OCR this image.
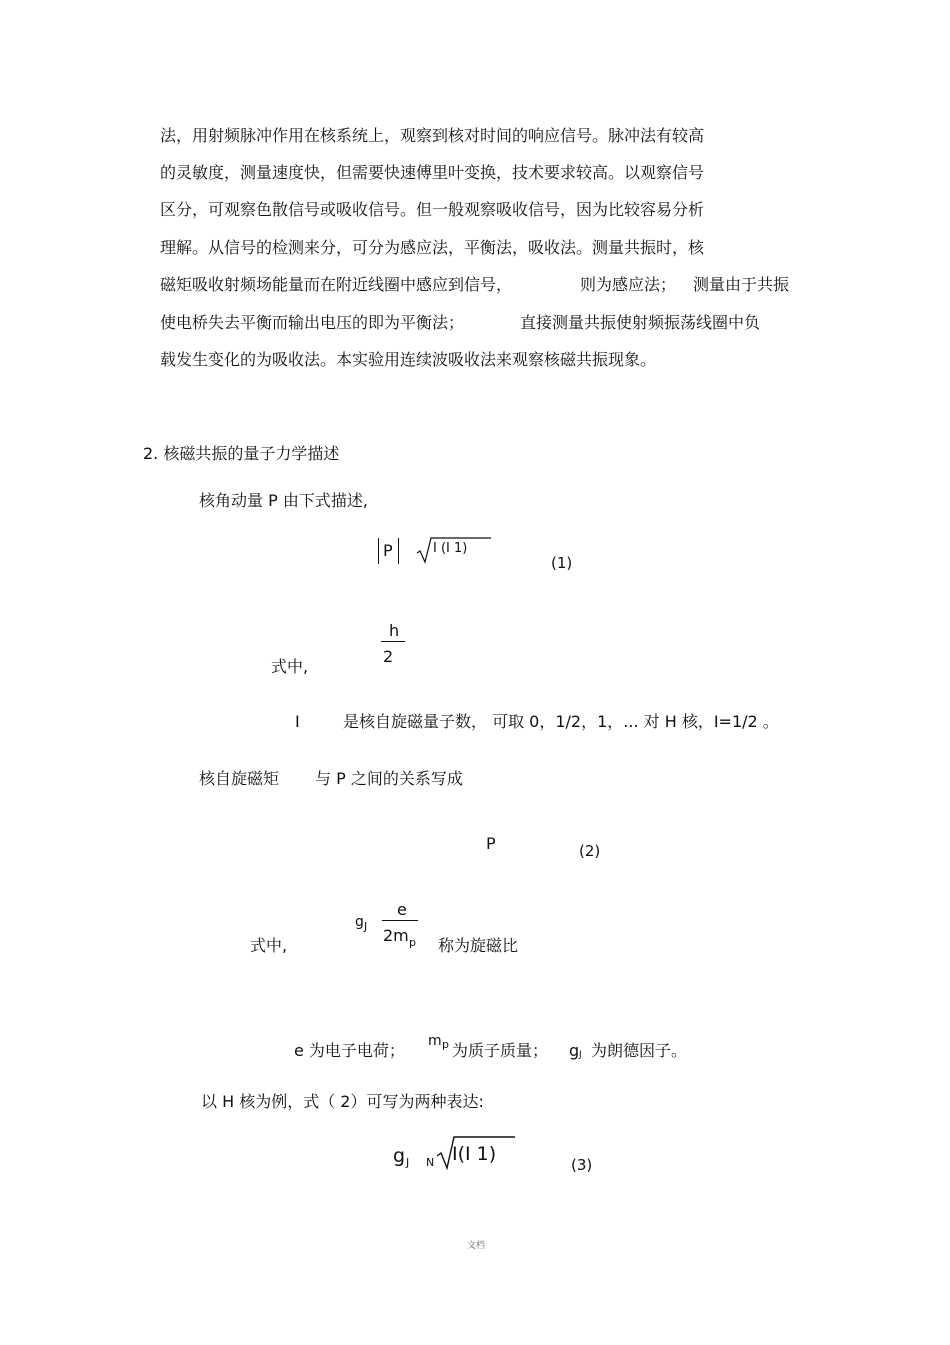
法，用射频脉冲作用在核系统上，观察到核对时间的响应信号。脉冲法有较高
的灵敏度，测量速度快，但需要快速傅里叶变换，技术要求较高。以观察信号
区分，可观察色散信号或吸收信号。但一般观察吸收信号，因为比较容易分析
理解。从信号的检测来分，可分为感应法，平衡法，吸收法。测量共振时，核
磁矩吸收射频场能量而在附近线圈中感应到信号，	则为感应法； 测量由于共振
使电桥失去平衡而输出电压的即为平衡法；	直接测量共振使射频振荡线圈中负
载发生变化的为吸收法。本实验用连续波吸收法来观察核磁共振现象。
2. 核磁共振的量子力学描述
核角动量 P 由下式描述,
P	I (I 1)
(1)
h
2
式中,
I	是核自旋磁量子数， 可取 0，1/2，1，... 对 H 核，I=1/2 。
核自旋磁矩 与 P 之间的关系写成
P	(2)
g J
e
2m p
式中,	称为旋磁比
e 为电子电荷； m p 为质子质量； g J 为朗德因子。
以 H 核为例，式（ 2）可写为两种表达:
g J N I(I 1)	(3)
文档
